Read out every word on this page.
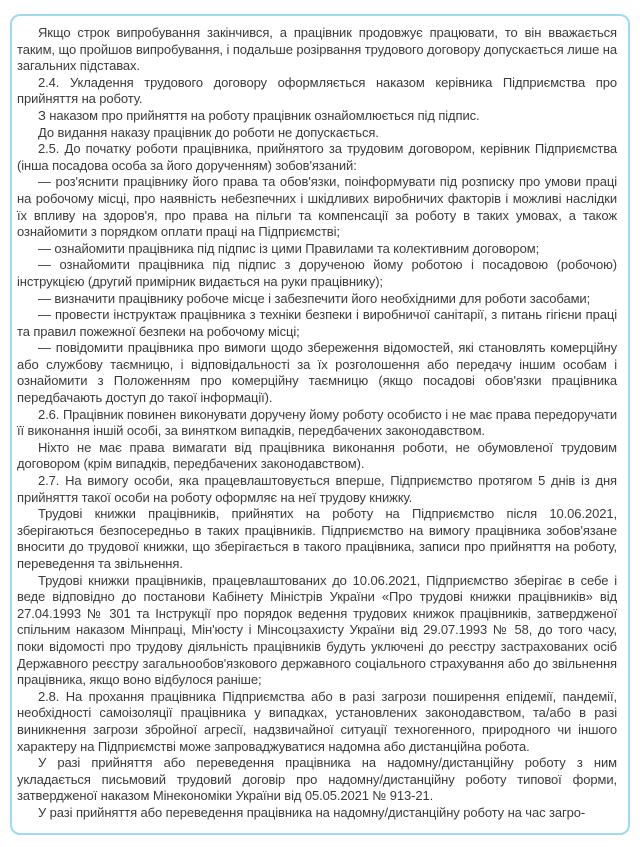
Якщо строк випробування закінчився, а працівник продовжує працювати, то він вважається таким, що пройшов випробування, і подальше розірвання трудового договору допускається лише на загальних підставах.

2.4. Укладення трудового договору оформляється наказом керівника Підприємства про прийняття на роботу.

З наказом про прийняття на роботу працівник ознайомлюється під підпис.

До видання наказу працівник до роботи не допускається.

2.5. До початку роботи працівника, прийнятого за трудовим договором, керівник Підприємства (інша посадова особа за його дорученням) зобов'язаний:

— роз'яснити працівнику його права та обов'язки, поінформувати під розписку про умови праці на робочому місці, про наявність небезпечних і шкідливих виробничих факторів і можливі наслідки їх впливу на здоров'я, про права на пільги та компенсації за роботу в таких умовах, а також ознайомити з порядком оплати праці на Підприємстві;

— ознайомити працівника під підпис із цими Правилами та колективним договором;

— ознайомити працівника під підпис з дорученою йому роботою і посадовою (робочою) інструкцією (другий примірник видається на руки працівнику);

— визначити працівнику робоче місце і забезпечити його необхідними для роботи засобами;

— провести інструктаж працівника з техніки безпеки і виробничої санітарії, з питань гігієни праці та правил пожежної безпеки на робочому місці;

— повідомити працівника про вимоги щодо збереження відомостей, які становлять комерційну або службову таємницю, і відповідальності за їх розголошення або передачу іншим особам і ознайомити з Положенням про комерційну таємницю (якщо посадові обов'язки працівника передбачають доступ до такої інформації).

2.6. Працівник повинен виконувати доручену йому роботу особисто і не має права передоручати її виконання іншій особі, за винятком випадків, передбачених законодавством.

Ніхто не має права вимагати від працівника виконання роботи, не обумовленої трудовим договором (крім випадків, передбачених законодавством).

2.7. На вимогу особи, яка працевлаштовується вперше, Підприємство протягом 5 днів із дня прийняття такої особи на роботу оформляє на неї трудову книжку.

Трудові книжки працівників, прийнятих на роботу на Підприємство після 10.06.2021, зберігаються безпосередньо в таких працівників. Підприємство на вимогу працівника зобов'язане вносити до трудової книжки, що зберігається в такого працівника, записи про прийняття на роботу, переведення та звільнення.

Трудові книжки працівників, працевлаштованих до 10.06.2021, Підприємство зберігає в себе і веде відповідно до постанови Кабінету Міністрів України «Про трудові книжки працівників» від 27.04.1993 № 301 та Інструкції про порядок ведення трудових книжок працівників, затвердженої спільним наказом Мінпраці, Мін'юсту і Мінсоцзахисту України від 29.07.1993 № 58, до того часу, поки відомості про трудову діяльність працівників будуть уключені до реєстру застрахованих осіб Державного реєстру загальнообов'язкового державного соціального страхування або до звільнення працівника, якщо воно відбулося раніше;

2.8. На прохання працівника Підприємства або в разі загрози поширення епідемії, пандемії, необхідності самоізоляції працівника у випадках, установлених законодавством, та/або в разі виникнення загрози збройної агресії, надзвичайної ситуації техногенного, природного чи іншого характеру на Підприємстві може запроваджуватися надомна або дистанційна робота.

У разі прийняття або переведення працівника на надомну/дистанційну роботу з ним укладається письмовий трудовий договір про надомну/дистанційну роботу типової форми, затвердженої наказом Мінекономіки України від 05.05.2021 № 913-21.

У разі прийняття або переведення працівника на надомну/дистанційну роботу на час загро-
